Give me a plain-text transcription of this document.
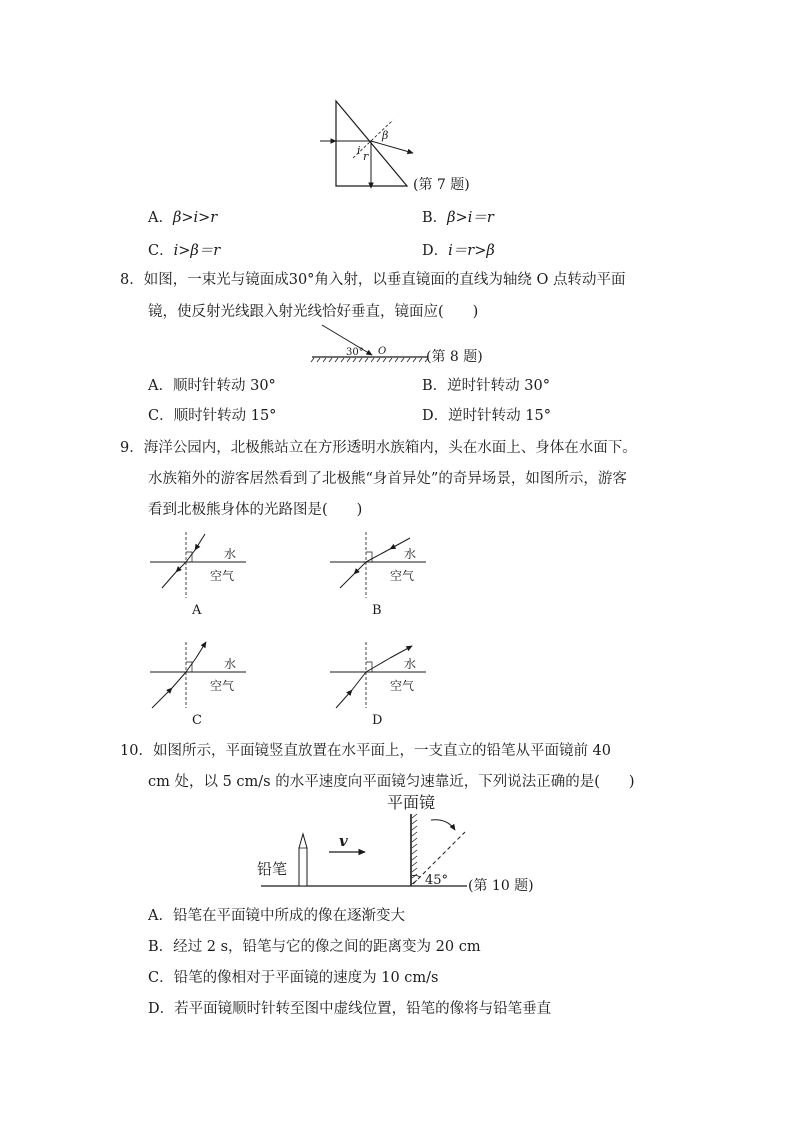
i r
β
(第 7 题)
A．β>i>r	B．β>i＝r
C．i>β＝r	D．i＝r>β
8．如图，一束光与镜面成30°角入射，以垂直镜面的直线为轴绕 O 点转动平面
镜，使反射光线跟入射光线恰好垂直，镜面应(　　)
30° O	(第 8 题)
A．顺时针转动 30°	B．逆时针转动 30°
C．顺时针转动 15°	D．逆时针转动 15°
9．海洋公园内，北极熊站立在方形透明水族箱内，头在水面上、身体在水面下。
水族箱外的游客居然看到了北极熊“身首异处”的奇异场景，如图所示，游客
看到北极熊身体的光路图是(　　)
水
空气
A
水
空气
B
水
空气
C
水
空气
D
10．如图所示，平面镜竖直放置在水平面上，一支直立的铅笔从平面镜前 40
cm 处，以 5 cm/s 的水平速度向平面镜匀速靠近，下列说法正确的是(　　)
铅笔
v
平面镜
45° (第 10 题)
A．铅笔在平面镜中所成的像在逐渐变大
B．经过 2 s，铅笔与它的像之间的距离变为 20 cm
C．铅笔的像相对于平面镜的速度为 10 cm/s
D．若平面镜顺时针转至图中虚线位置，铅笔的像将与铅笔垂直
